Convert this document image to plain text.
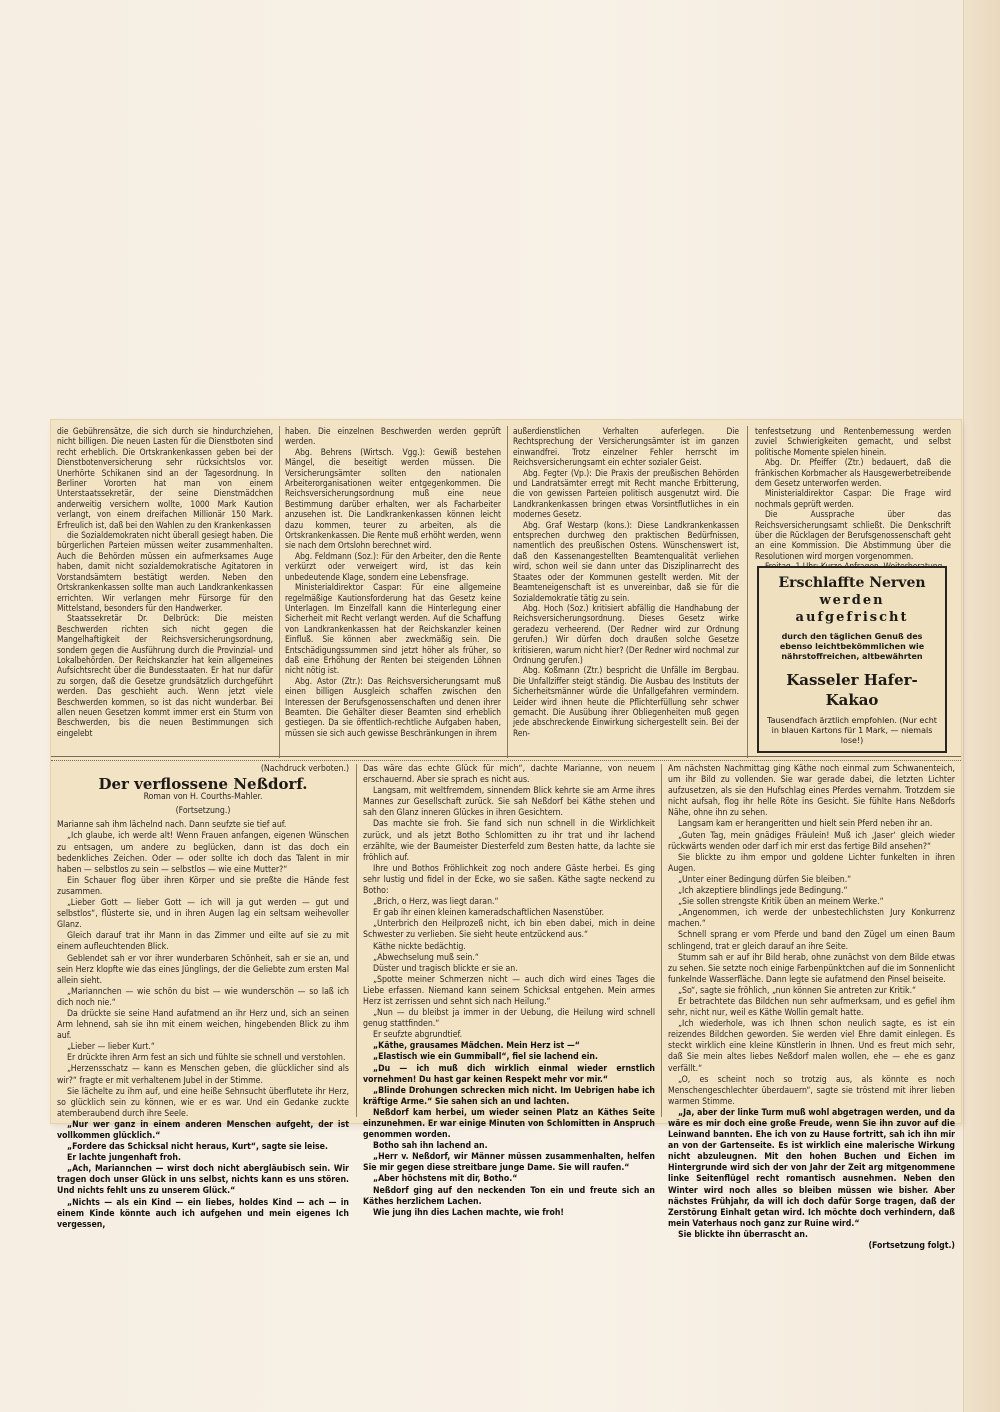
die Gebührensätze, die sich durch sie hindurchziehen, nicht billigen. Die neuen Lasten für die Dienstboten sind recht erheblich. Die Ortskrankenkassen geben bei der Dienstbotenversicherung sehr rücksichtslos vor. Unerhörte Schikanen sind an der Tagesordnung. In Berliner Vororten hat man von einem Unterstaatssekretär, der seine Dienstmädchen anderweitig versichern wollte, 1000 Mark Kaution verlangt, von einem dreifachen Millionär 150 Mark. Erfreulich ist, daß bei den Wahlen zu den Krankenkassen

die Sozialdemokraten nicht überall gesiegt haben. Die bürgerlichen Parteien müssen weiter zusammenhalten. Auch die Behörden müssen ein aufmerksames Auge haben, damit nicht sozialdemokratische Agitatoren in Vorstandsämtern bestätigt werden. Neben den Ortskrankenkassen sollte man auch Landkrankenkassen errichten. Wir verlangen mehr Fürsorge für den Mittelstand, besonders für den Handwerker.

Staatssekretär Dr. Delbrück: Die meisten Beschwerden richten sich nicht gegen die Mangelhaftigkeit der Reichsversicherungsordnung, sondern gegen die Ausführung durch die Provinzial- und Lokalbehörden. Der Reichskanzler hat kein allgemeines Aufsichtsrecht über die Bundesstaaten. Er hat nur dafür zu sorgen, daß die Gesetze grundsätzlich durchgeführt werden. Das geschieht auch. Wenn jetzt viele Beschwerden kommen, so ist das nicht wunderbar. Bei allen neuen Gesetzen kommt immer erst ein Sturm von Beschwerden, bis die neuen Bestimmungen sich eingelebt

haben. Die einzelnen Beschwerden werden geprüft werden.

Abg. Behrens (Wirtsch. Vgg.): Gewiß bestehen Mängel, die beseitigt werden müssen. Die Versicherungsämter sollten den nationalen Arbeiterorganisationen weiter entgegenkommen. Die Reichsversicherungsordnung muß eine neue Bestimmung darüber erhalten, wer als Facharbeiter anzusehen ist. Die Landkrankenkassen können leicht dazu kommen, teurer zu arbeiten, als die Ortskrankenkassen. Die Rente muß erhöht werden, wenn sie nach dem Ortslohn berechnet wird.

Abg. Feldmann (Soz.): Für den Arbeiter, den die Rente verkürzt oder verweigert wird, ist das kein unbedeutende Klage, sondern eine Lebensfrage.

Ministerialdirektor Caspar: Für eine allgemeine regelmäßige Kautionsforderung hat das Gesetz keine Unterlagen. Im Einzelfall kann die Hinterlegung einer Sicherheit mit Recht verlangt werden. Auf die Schaffung von Landkrankenkassen hat der Reichskanzler keinen Einfluß. Sie können aber zweckmäßig sein. Die Entschädigungssummen sind jetzt höher als früher, so daß eine Erhöhung der Renten bei steigenden Löhnen nicht nötig ist.

Abg. Astor (Ztr.): Das Reichsversicherungsamt muß einen billigen Ausgleich schaffen zwischen den Interessen der Berufsgenossenschaften und denen ihrer Beamten. Die Gehälter dieser Beamten sind erheblich gestiegen. Da sie öffentlich-rechtliche Aufgaben haben, müssen sie sich auch gewisse Beschränkungen in ihrem

außerdienstlichen Verhalten auferlegen. Die Rechtsprechung der Versicherungsämter ist im ganzen einwandfrei. Trotz einzelner Fehler herrscht im Reichsversicherungsamt ein echter sozialer Geist.

Abg. Fegter (Vp.): Die Praxis der preußischen Behörden und Landratsämter erregt mit Recht manche Erbitterung, die von gewissen Parteien politisch ausgenutzt wird. Die Landkrankenkassen bringen etwas Vorsintflutliches in ein modernes Gesetz.

Abg. Graf Westarp (kons.): Diese Landkrankenkassen entsprechen durchweg den praktischen Bedürfnissen, namentlich des preußischen Ostens. Wünschenswert ist, daß den Kassenangestellten Beamtenqualität verliehen wird, schon weil sie dann unter das Disziplinarrecht des Staates oder der Kommunen gestellt werden. Mit der Beamteneigenschaft ist es unvereinbar, daß sie für die Sozialdemokratie tätig zu sein.

Abg. Hoch (Soz.) kritisiert abfällig die Handhabung der Reichsversicherungsordnung. Dieses Gesetz wirke geradezu verheerend. (Der Redner wird zur Ordnung gerufen.) Wir dürfen doch draußen solche Gesetze kritisieren, warum nicht hier? (Der Redner wird nochmal zur Ordnung gerufen.)

Abg. Koßmann (Ztr.) bespricht die Unfälle im Bergbau. Die Unfallziffer steigt ständig. Die Ausbau des Instituts der Sicherheitsmänner würde die Unfallgefahren vermindern. Leider wird ihnen heute die Pflichterfüllung sehr schwer gemacht. Die Ausübung ihrer Obliegenheiten muß gegen jede abschreckende Einwirkung sichergestellt sein. Bei der Ren-

tenfestsetzung und Rentenbemessung werden zuviel Schwierigkeiten gemacht, und selbst politische Momente spielen hinein.

Abg. Dr. Pfeiffer (Ztr.) bedauert, daß die fränkischen Korbmacher als Hausgewerbetreibende dem Gesetz unterworfen werden.

Ministerialdirektor Caspar: Die Frage wird nochmals geprüft werden.

Die Aussprache über das Reichsversicherungsamt schließt. Die Denkschrift über die Rücklagen der Berufsgenossenschaft geht an eine Kommission. Die Abstimmung über die Resolutionen wird morgen vorgenommen.

Erschlaffte Nerven
werden aufgefrischt
durch den täglichen Genuß des ebenso leichtbekömmlichen wie nährstoffreichen, altbewährten
Kasseler Hafer-Kakao
Tausendfach ärztlich empfohlen. (Nur echt in blauen Kartons für 1 Mark, — niemals lose!)
(Nachdruck verboten.)
Der verflossene Neßdorf.
Roman von H. Courths-Mahler.
(Fortsetzung.)

Marianne sah ihm lächelnd nach. Dann seufzte sie tief auf.

„Ich glaube, ich werde alt! Wenn Frauen anfangen, eigenen Wünschen zu entsagen, um andere zu beglücken, dann ist das doch ein bedenkliches Zeichen. Oder — oder sollte ich doch das Talent in mir haben — selbstlos zu sein — selbstlos — wie eine Mutter?“

Ein Schauer flog über ihren Körper und sie preßte die Hände fest zusammen.

„Lieber Gott — lieber Gott — ich will ja gut werden — gut und selbstlos“, flüsterte sie, und in ihren Augen lag ein seltsam weihevoller Glanz.

Gleich darauf trat ihr Mann in das Zimmer und eilte auf sie zu mit einem aufleuchtenden Blick.

Geblendet sah er vor ihrer wunderbaren Schönheit, sah er sie an, und sein Herz klopfte wie das eines Jünglings, der die Geliebte zum ersten Mal allein sieht.

„Mariannchen — wie schön du bist — wie wunderschön — so laß ich dich noch nie.“

Da drückte sie seine Hand aufatmend an ihr Herz und, sich an seinen Arm lehnend, sah sie ihn mit einem weichen, hingebenden Blick zu ihm auf.

„Lieber — lieber Kurt.“

Er drückte ihren Arm fest an sich und fühlte sie schnell und verstohlen.

„Herzensschatz — kann es Menschen geben, die glücklicher sind als wir?“ fragte er mit verhaltenem Jubel in der Stimme.

Sie lächelte zu ihm auf, und eine heiße Sehnsucht überflutete ihr Herz, so glücklich sein zu können, wie er es war. Und ein Gedanke zuckte atemberaubend durch ihre Seele.

„Nur wer ganz in einem anderen Menschen aufgeht, der ist vollkommen glücklich.“

„Fordere das Schicksal nicht heraus, Kurt“, sagte sie leise.

Er lachte jungenhaft froh.

„Ach, Mariannchen — wirst doch nicht abergläubisch sein. Wir tragen doch unser Glück in uns selbst, nichts kann es uns stören. Und nichts fehlt uns zu unserem Glück.“

„Nichts — als ein Kind — ein liebes, holdes Kind — ach — in einem Kinde könnte auch ich aufgehen und mein eigenes Ich vergessen,

Das wäre das echte Glück für mich“, dachte Marianne, von neuem erschauernd. Aber sie sprach es nicht aus.

Langsam, mit weltfremdem, sinnendem Blick kehrte sie am Arme ihres Mannes zur Gesellschaft zurück. Sie sah Neßdorf bei Käthe stehen und sah den Glanz inneren Glückes in ihren Gesichtern.

Das machte sie froh. Sie fand sich nun schnell in die Wirklichkeit zurück, und als jetzt Botho Schlomitten zu ihr trat und ihr lachend erzählte, wie der Baumeister Diesterfeld zum Besten hatte, da lachte sie fröhlich auf.

Ihre und Bothos Fröhlichkeit zog noch andere Gäste herbei. Es ging sehr lustig und fidel in der Ecke, wo sie saßen. Käthe sagte neckend zu Botho:

„Brich, o Herz, was liegt daran.“

Er gab ihr einen kleinen kameradschaftlichen Nasenstüber.

„Unterbrich den Heilprozeß nicht, ich bin eben dabei, mich in deine Schwester zu verlieben. Sie sieht heute entzückend aus.“

Käthe nickte bedächtig.

„Abwechselung muß sein.“

Düster und tragisch blickte er sie an.

„Spotte meiner Schmerzen nicht — auch dich wird eines Tages die Liebe erfassen. Niemand kann seinem Schicksal entgehen. Mein armes Herz ist zerrissen und sehnt sich nach Heilung.“

„Nun — du bleibst ja immer in der Uebung, die Heilung wird schnell genug stattfinden.“

Er seufzte abgrundtief.

„Käthe, grausames Mädchen. Mein Herz ist —“

„Elastisch wie ein Gummiball“, fiel sie lachend ein.

„Du — ich muß dich wirklich einmal wieder ernstlich vornehmen! Du hast gar keinen Respekt mehr vor mir.“

„Blinde Drohungen schrecken mich nicht. Im Uebrigen habe ich kräftige Arme.“ Sie sahen sich an und lachten.

Neßdorf kam herbei, um wieder seinen Platz an Käthes Seite einzunehmen. Er war einige Minuten von Schlomitten in Anspruch genommen worden.

Botho sah ihn lachend an.

„Herr v. Neßdorf, wir Männer müssen zusammenhalten, helfen Sie mir gegen diese streitbare junge Dame. Sie will raufen.“

„Aber höchstens mit dir, Botho.“

Neßdorf ging auf den neckenden Ton ein und freute sich an Käthes herzlichem Lachen.

Wie jung ihn dies Lachen machte, wie froh!

Am nächsten Nachmittag ging Käthe noch einmal zum Schwanenteich, um ihr Bild zu vollenden. Sie war gerade dabei, die letzten Lichter aufzusetzen, als sie den Hufschlag eines Pferdes vernahm. Trotzdem sie nicht aufsah, flog ihr helle Röte ins Gesicht. Sie fühlte Hans Neßdorfs Nähe, ohne ihn zu sehen.

Langsam kam er herangeritten und hielt sein Pferd neben ihr an.

„Guten Tag, mein gnädiges Fräulein! Muß ich ‚Jaser‘ gleich wieder rückwärts wenden oder darf ich mir erst das fertige Bild ansehen?“

Sie blickte zu ihm empor und goldene Lichter funkelten in ihren Augen.

„Unter einer Bedingung dürfen Sie bleiben.“

„Ich akzeptiere blindlings jede Bedingung.“

„Sie sollen strengste Kritik üben an meinem Werke.“

„Angenommen, ich werde der unbestechlichsten Jury Konkurrenz machen.“

Schnell sprang er vom Pferde und band den Zügel um einen Baum schlingend, trat er gleich darauf an ihre Seite.

Stumm sah er auf ihr Bild herab, ohne zunächst von dem Bilde etwas zu sehen. Sie setzte noch einige Farbenpünktchen auf die im Sonnenlicht funkelnde Wasserfläche. Dann legte sie aufatmend den Pinsel beiseite.

„So“, sagte sie fröhlich, „nun können Sie antreten zur Kritik.“

Er betrachtete das Bildchen nun sehr aufmerksam, und es gefiel ihm sehr, nicht nur, weil es Käthe Wollin gemalt hatte.

„Ich wiederhole, was ich Ihnen schon neulich sagte, es ist ein reizendes Bildchen geworden. Sie werden viel Ehre damit einlegen. Es steckt wirklich eine kleine Künstlerin in Ihnen. Und es freut mich sehr, daß Sie mein altes liebes Neßdorf malen wollen, ehe — ehe es ganz verfällt.“

„O, es scheint noch so trotzig aus, als könnte es noch Menschengeschlechter überdauern“, sagte sie tröstend mit ihrer lieben warmen Stimme.

„Ja, aber der linke Turm muß wohl abgetragen werden, und da wäre es mir doch eine große Freude, wenn Sie ihn zuvor auf die Leinwand bannten. Ehe ich von zu Hause fortritt, sah ich ihn mir an von der Gartenseite. Es ist wirklich eine malerische Wirkung nicht abzuleugnen. Mit den hohen Buchen und Eichen im Hintergrunde wird sich der von Jahr der Zeit arg mitgenommene linke Seitenflügel recht romantisch ausnehmen. Neben den Winter wird noch alles so bleiben müssen wie bisher. Aber nächstes Frühjahr, da will ich doch dafür Sorge tragen, daß der Zerstörung Einhalt getan wird. Ich möchte doch verhindern, daß mein Vaterhaus noch ganz zur Ruine wird.“

Sie blickte ihn überrascht an.

(Fortsetzung folgt.)
